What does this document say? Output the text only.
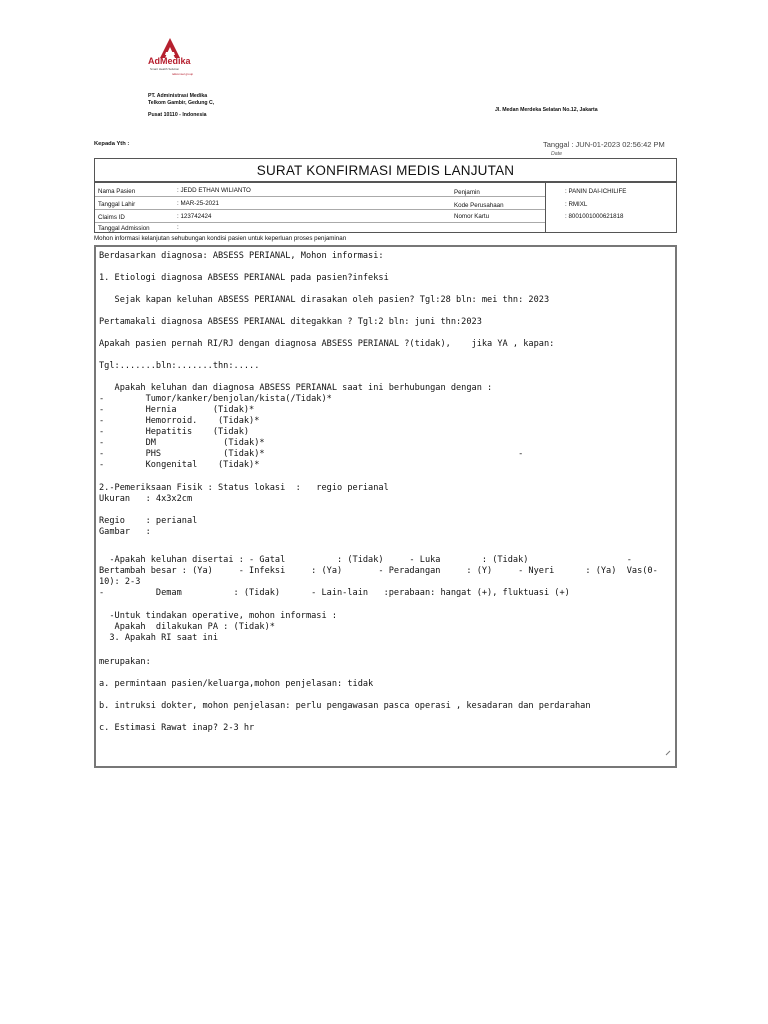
AdMedika
Smart Health Solution
telkomsel group
PT. Administrasi Medika
Telkom Gambir, Gedung C,
Pusat 10110 - Indonesia
Jl. Medan Merdeka Selatan No.12, Jakarta
Kepada Yth :	Tanggal : JUN-01-2023 02:56:42 PM
Date
SURAT KONFIRMASI MEDIS LANJUTAN
Nama Pasien	: JEDD ETHAN WILIANTO
Tanggal Lahir	: MAR-25-2021
Claims ID	: 123742424
Tanggal Admission	:
Penjamin	: PANIN DAI-ICHILIFE
Kode Perusahaan	: RMIXL
Nomor Kartu	: 8001001000621818
Mohon informasi kelanjutan sehubungan kondisi pasien untuk keperluan proses penjaminan
Berdasarkan diagnosa: ABSESS PERIANAL, Mohon informasi:
1. Etiologi diagnosa ABSESS PERIANAL pada pasien?infeksi
Sejak kapan keluhan ABSESS PERIANAL dirasakan oleh pasien? Tgl:28 bln: mei thn: 2023
Pertamakali diagnosa ABSESS PERIANAL ditegakkan ? Tgl:2 bln: juni thn:2023
Apakah pasien pernah RI/RJ dengan diagnosa ABSESS PERIANAL ?(tidak),    jika YA , kapan:
Tgl:.......bln:.......thn:.....
Apakah keluhan dan diagnosa ABSESS PERIANAL saat ini berhubungan dengan :
-        Tumor/kanker/benjolan/kista(/Tidak)*
-        Hernia       (Tidak)*
-        Hemorroid.    (Tidak)*
-        Hepatitis    (Tidak)
-        DM             (Tidak)*
-        PHS            (Tidak)*                                                 -
-        Kongenital    (Tidak)*
2.-Pemeriksaan Fisik : Status lokasi  :   regio perianal
Ukuran   : 4x3x2cm
Regio    : perianal
Gambar   :
-Apakah keluhan disertai : - Gatal          : (Tidak)     - Luka        : (Tidak)                   -
Bertambah besar : (Ya)     - Infeksi     : (Ya)       - Peradangan     : (Y)     - Nyeri      : (Ya)  Vas(0-
10): 2-3
-          Demam          : (Tidak)      - Lain-lain   :perabaan: hangat (+), fluktuasi (+)
-Untuk tindakan operative, mohon informasi :
Apakah  dilakukan PA : (Tidak)*
3. Apakah RI saat ini
merupakan:
a. permintaan pasien/keluarga,mohon penjelasan: tidak
b. intruksi dokter, mohon penjelasan: perlu pengawasan pasca operasi , kesadaran dan perdarahan
c. Estimasi Rawat inap? 2-3 hr
